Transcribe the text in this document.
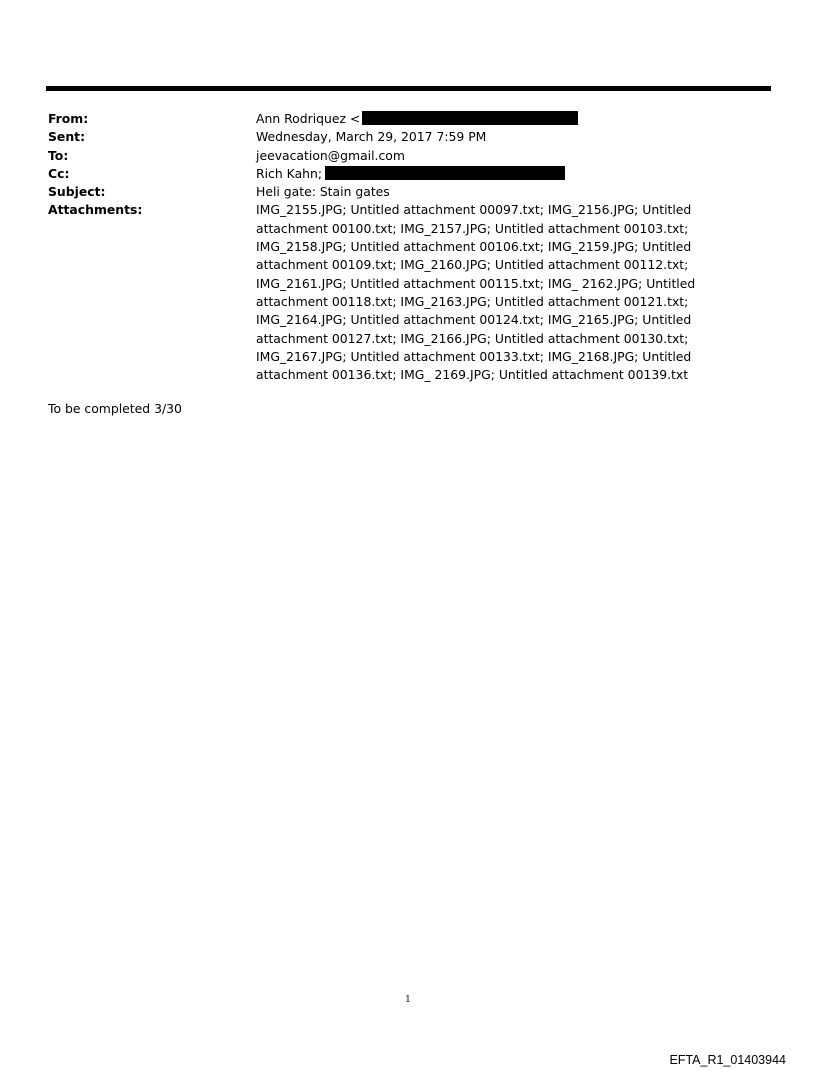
From:	Ann Rodriquez <
Sent:	Wednesday, March 29, 2017 7:59 PM
To:	jeevacation@gmail.com
Cc:	Rich Kahn;
Subject:	Heli gate: Stain gates
Attachments:	IMG_2155.JPG; Untitled attachment 00097.txt; IMG_2156.JPG; Untitled attachment 00100.txt; IMG_2157.JPG; Untitled attachment 00103.txt; IMG_2158.JPG; Untitled attachment 00106.txt; IMG_2159.JPG; Untitled attachment 00109.txt; IMG_2160.JPG; Untitled attachment 00112.txt; IMG_2161.JPG; Untitled attachment 00115.txt; IMG_ 2162.JPG; Untitled attachment 00118.txt; IMG_2163.JPG; Untitled attachment 00121.txt; IMG_2164.JPG; Untitled attachment 00124.txt; IMG_2165.JPG; Untitled attachment 00127.txt; IMG_2166.JPG; Untitled attachment 00130.txt; IMG_2167.JPG; Untitled attachment 00133.txt; IMG_2168.JPG; Untitled attachment 00136.txt; IMG_ 2169.JPG; Untitled attachment 00139.txt
To be completed 3/30
1
EFTA_R1_01403944
